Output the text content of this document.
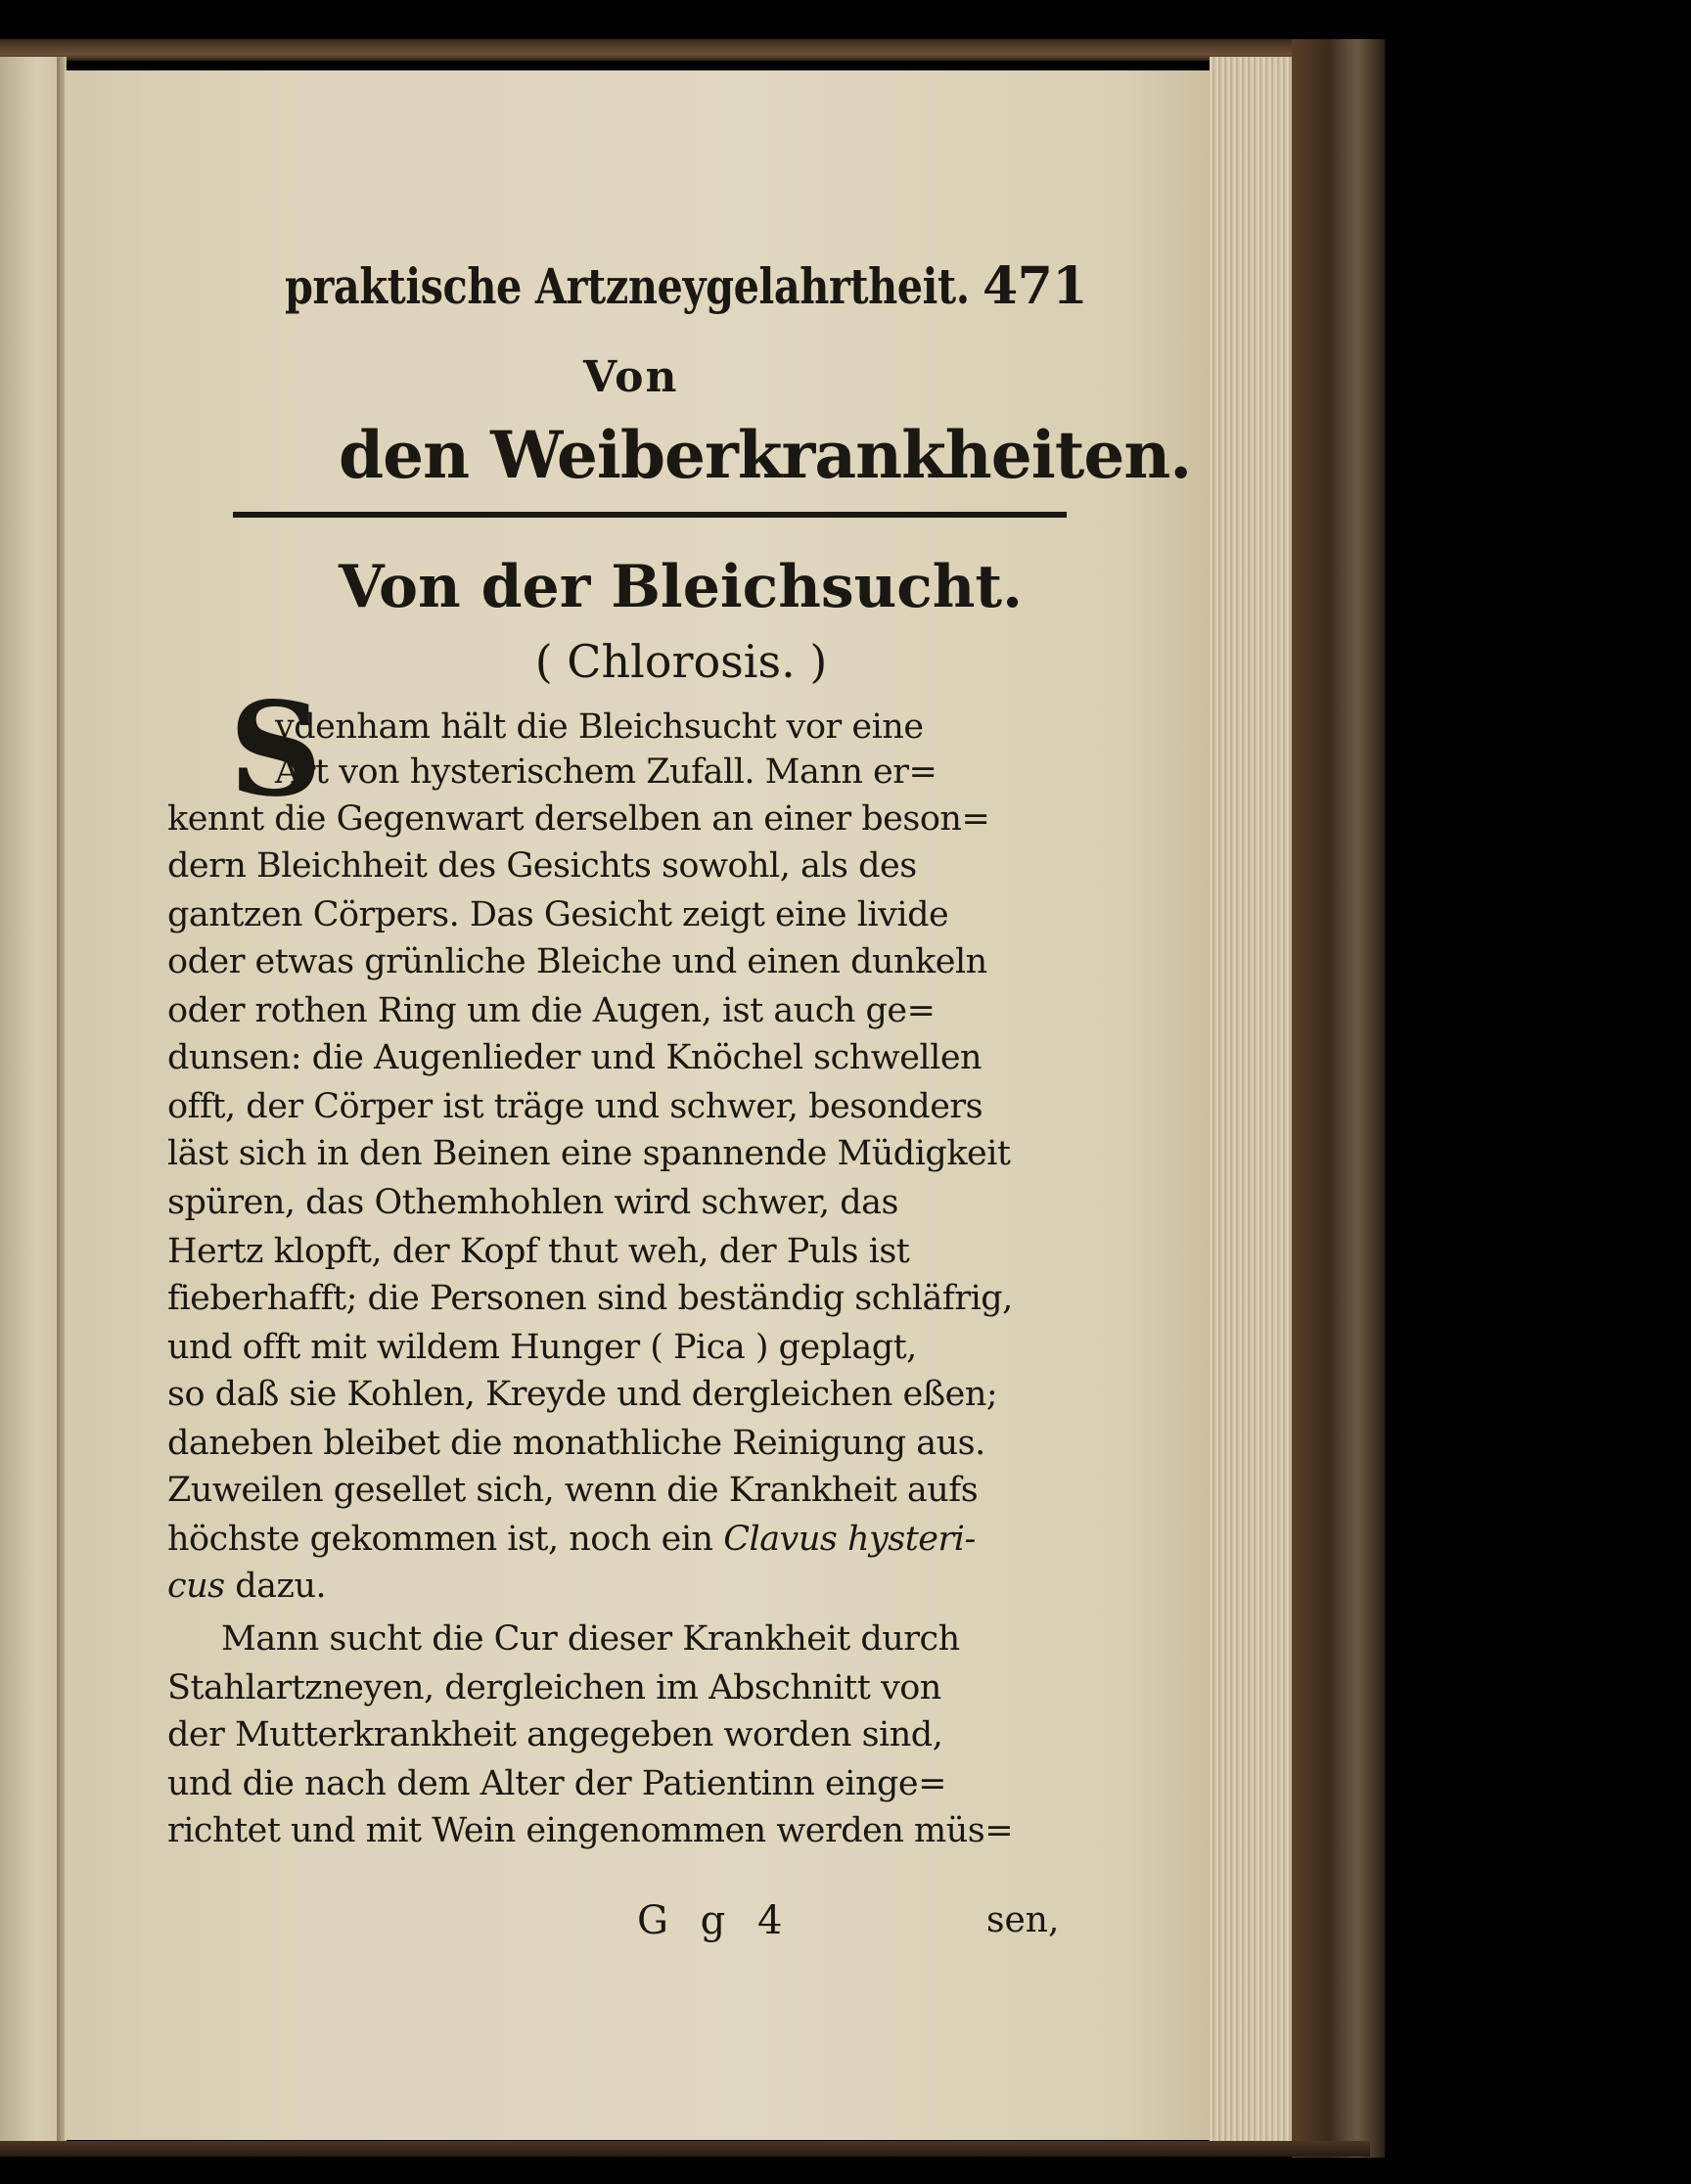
praktische Artzneygelahrtheit. 471
Von
den Weiberkrankheiten.
Von der Bleichsucht.
( Chlorosis. )
S
ydenham hält die Bleichsucht vor eine
Art von hysterischem Zufall. Mann er=
kennt die Gegenwart derselben an einer beson=
dern Bleichheit des Gesichts sowohl, als des
gantzen Cörpers. Das Gesicht zeigt eine livide
oder etwas grünliche Bleiche und einen dunkeln
oder rothen Ring um die Augen, ist auch ge=
dunsen: die Augenlieder und Knöchel schwellen
offt, der Cörper ist träge und schwer, besonders
läst sich in den Beinen eine spannende Müdigkeit
spüren, das Othemhohlen wird schwer, das
Hertz klopft, der Kopf thut weh, der Puls ist
fieberhafft; die Personen sind beständig schläfrig,
und offt mit wildem Hunger ( Pica ) geplagt,
so daß sie Kohlen, Kreyde und dergleichen eßen;
daneben bleibet die monathliche Reinigung aus.
Zuweilen gesellet sich, wenn die Krankheit aufs
höchste gekommen ist, noch ein Clavus hysteri-
cus dazu.
Mann sucht die Cur dieser Krankheit durch
Stahlartzneyen, dergleichen im Abschnitt von
der Mutterkrankheit angegeben worden sind,
und die nach dem Alter der Patientinn einge=
richtet und mit Wein eingenommen werden müs=
G g 4	sen,
